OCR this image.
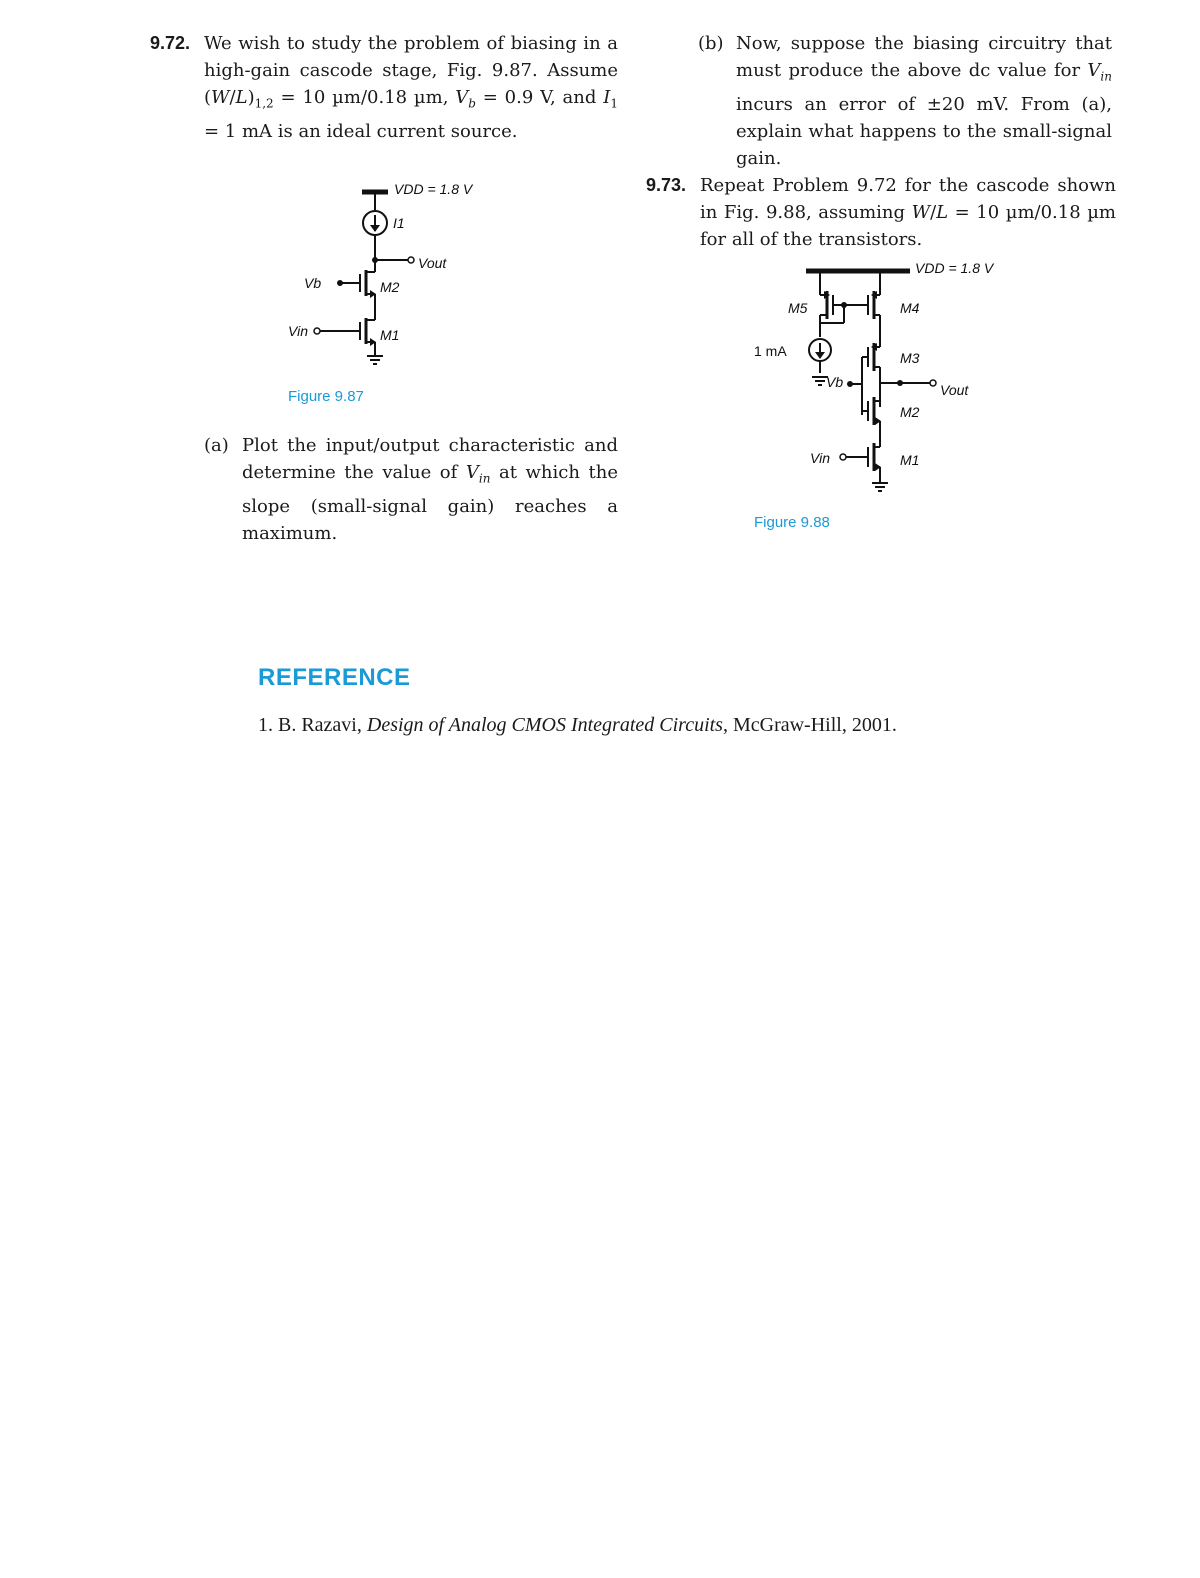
9.72. We wish to study the problem of biasing in a high-gain cascode stage, Fig. 9.87. Assume $(W/L)_{1,2} = 10$ µm/0.18 µm, $V_b = 0.9$ V, and $I_1 = 1$ mA is an ideal current source.
VDD = 1.8 V
I1
Vout
Vb	M2
Vin	M1
Figure 9.87
(a) Plot the input/output characteristic and determine the value of $V_{in}$ at which the slope (small-signal gain) reaches a maximum.
(b) Now, suppose the biasing circuitry that must produce the above dc value for $V_{in}$ incurs an error of ±20 mV. From (a), explain what happens to the small-signal gain.
9.73. Repeat Problem 9.72 for the cascode shown in Fig. 9.88, assuming W/L = 10 µm/0.18 µm for all of the transistors.
VDD = 1.8 V
M5	M4
1 mA
Vb
M3
Vout
M2
Vin	M1
Figure 9.88
REFERENCE
1. B. Razavi, Design of Analog CMOS Integrated Circuits, McGraw-Hill, 2001.
